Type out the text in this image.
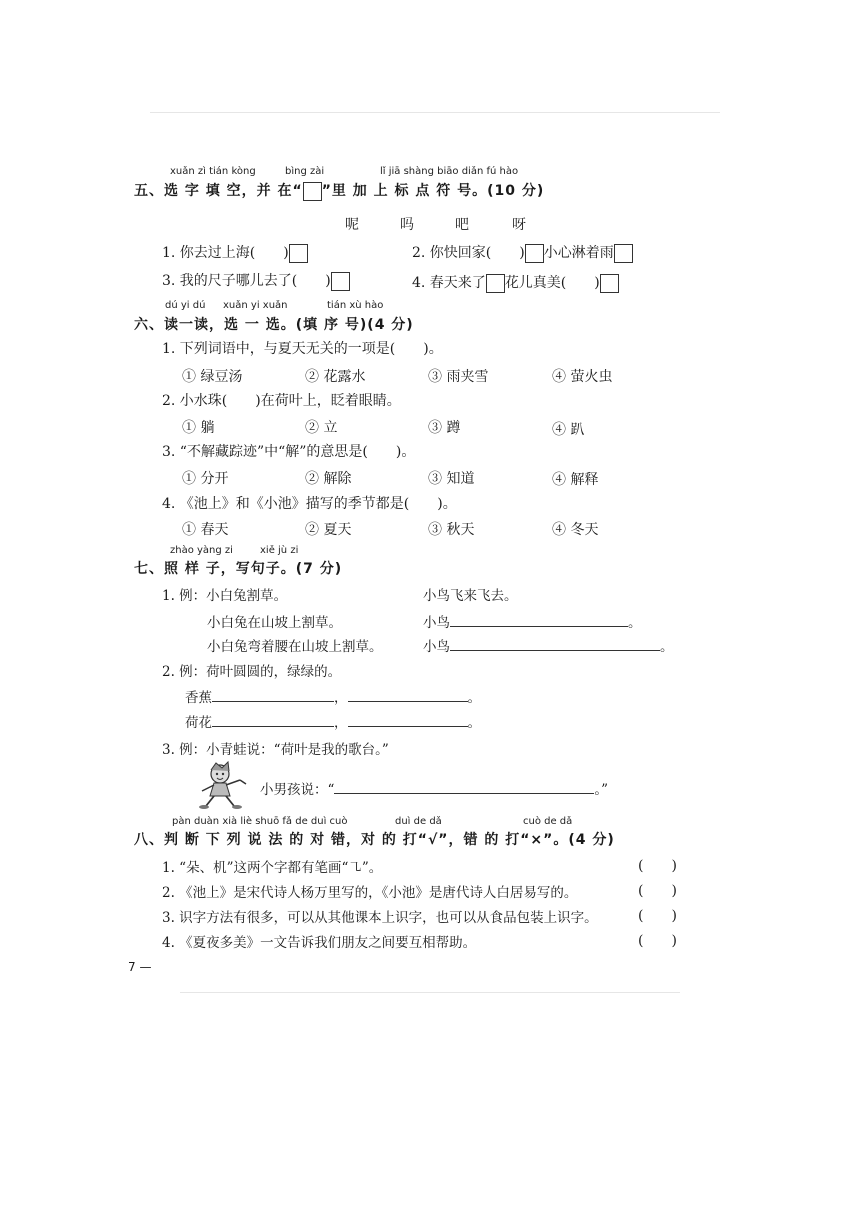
xuǎn zì tián kòng	bìng zài	lǐ jiā shàng biāo diǎn fú hào
五、选 字 填 空，并 在“ ”里 加 上 标 点 符 号。(10 分)
呢	吗	吧	呀
1. 你去过上海(　　)	2. 你快回家(　　) 小心淋着雨
3. 我的尺子哪儿去了(　　)	4. 春天来了 花儿真美(　　)
dú yi dú xuǎn yi xuǎn	tián xù hào
六、读一读，选 一 选。(填 序 号)(4 分)
1. 下列词语中，与夏天无关的一项是(　　)。
① 绿豆汤	② 花露水	③ 雨夹雪	④ 萤火虫
2. 小水珠(　　)在荷叶上，眨着眼睛。
① 躺	② 立	③ 蹲	④ 趴
3. “不解藏踪迹”中“解”的意思是(　　)。
① 分开	② 解除	③ 知道	④ 解释
4. 《池上》和《小池》描写的季节都是(　　)。
① 春天	② 夏天	③ 秋天	④ 冬天
zhào yàng zi	xiě jù zi
七、照 样 子，写句子。(7 分)
1. 例：小白兔割草。	小鸟飞来飞去。
小白兔在山坡上割草。	小鸟	。
小白兔弯着腰在山坡上割草。	小鸟	。
2. 例：荷叶圆圆的，绿绿的。
香蕉	，	。
荷花	，	。
3. 例：小青蛙说：“荷叶是我的歌台。”
小男孩说：“	。”
pàn duàn xià liè shuō fǎ de duì cuò	duì de dǎ	cuò de dǎ
八、判 断 下 列 说 法 的 对 错，对 的 打“√”，错 的 打“×”。(4 分)
1. “朵、机”这两个字都有笔画“㇈”。	(　　)
2. 《池上》是宋代诗人杨万里写的，《小池》是唐代诗人白居易写的。	(　　)
3. 识字方法有很多，可以从其他课本上识字，也可以从食品包装上识字。	(　　)
4. 《夏夜多美》一文告诉我们朋友之间要互相帮助。	(　　)
7 —
